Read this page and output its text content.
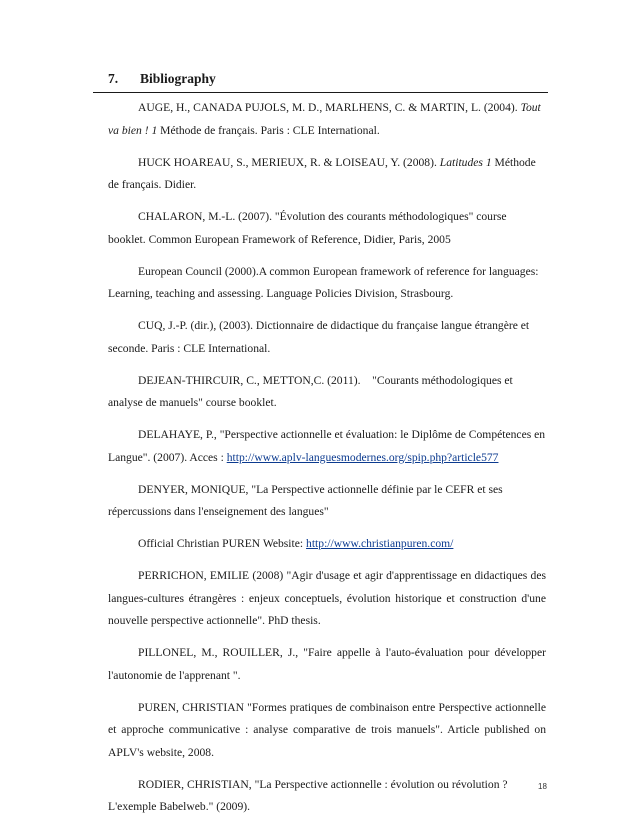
7. Bibliography

AUGE, H., CANADA PUJOLS, M. D., MARLHENS, C. & MARTIN, L. (2004). Tout va bien ! 1 Méthode de français. Paris : CLE International.

HUCK HOAREAU, S., MERIEUX, R. & LOISEAU, Y. (2008). Latitudes 1 Méthode de français. Didier.

CHALARON, M.-L. (2007). "Évolution des courants méthodologiques" course booklet. Common European Framework of Reference, Didier, Paris, 2005

European Council (2000).A common European framework of reference for languages: Learning, teaching and assessing. Language Policies Division, Strasbourg.

CUQ, J.-P. (dir.), (2003). Dictionnaire de didactique du française langue étrangère et seconde. Paris : CLE International.

DEJEAN-THIRCUIR, C., METTON,C. (2011).    "Courants méthodologiques et analyse de manuels" course booklet.

DELAHAYE, P., "Perspective actionnelle et évaluation: le Diplôme de Compétences en Langue". (2007). Acces : http://www.aplv-languesmodernes.org/spip.php?article577

DENYER, MONIQUE, "La Perspective actionnelle définie par le CEFR et ses répercussions dans l'enseignement des langues"

Official Christian PUREN Website: http://www.christianpuren.com/

PERRICHON, EMILIE (2008) "Agir d'usage et agir d'apprentissage en didactiques des langues-cultures étrangères : enjeux conceptuels, évolution historique et construction d'une nouvelle perspective actionnelle". PhD thesis.

PILLONEL, M., ROUILLER, J., "Faire appelle à l'auto-évaluation pour développer l'autonomie de l'apprenant ".

PUREN, CHRISTIAN "Formes pratiques de combinaison entre Perspective actionnelle et approche communicative : analyse comparative de trois manuels". Article published on APLV's website, 2008.

RODIER, CHRISTIAN, "La Perspective actionnelle : évolution ou révolution ? L'exemple Babelweb." (2009).

18
